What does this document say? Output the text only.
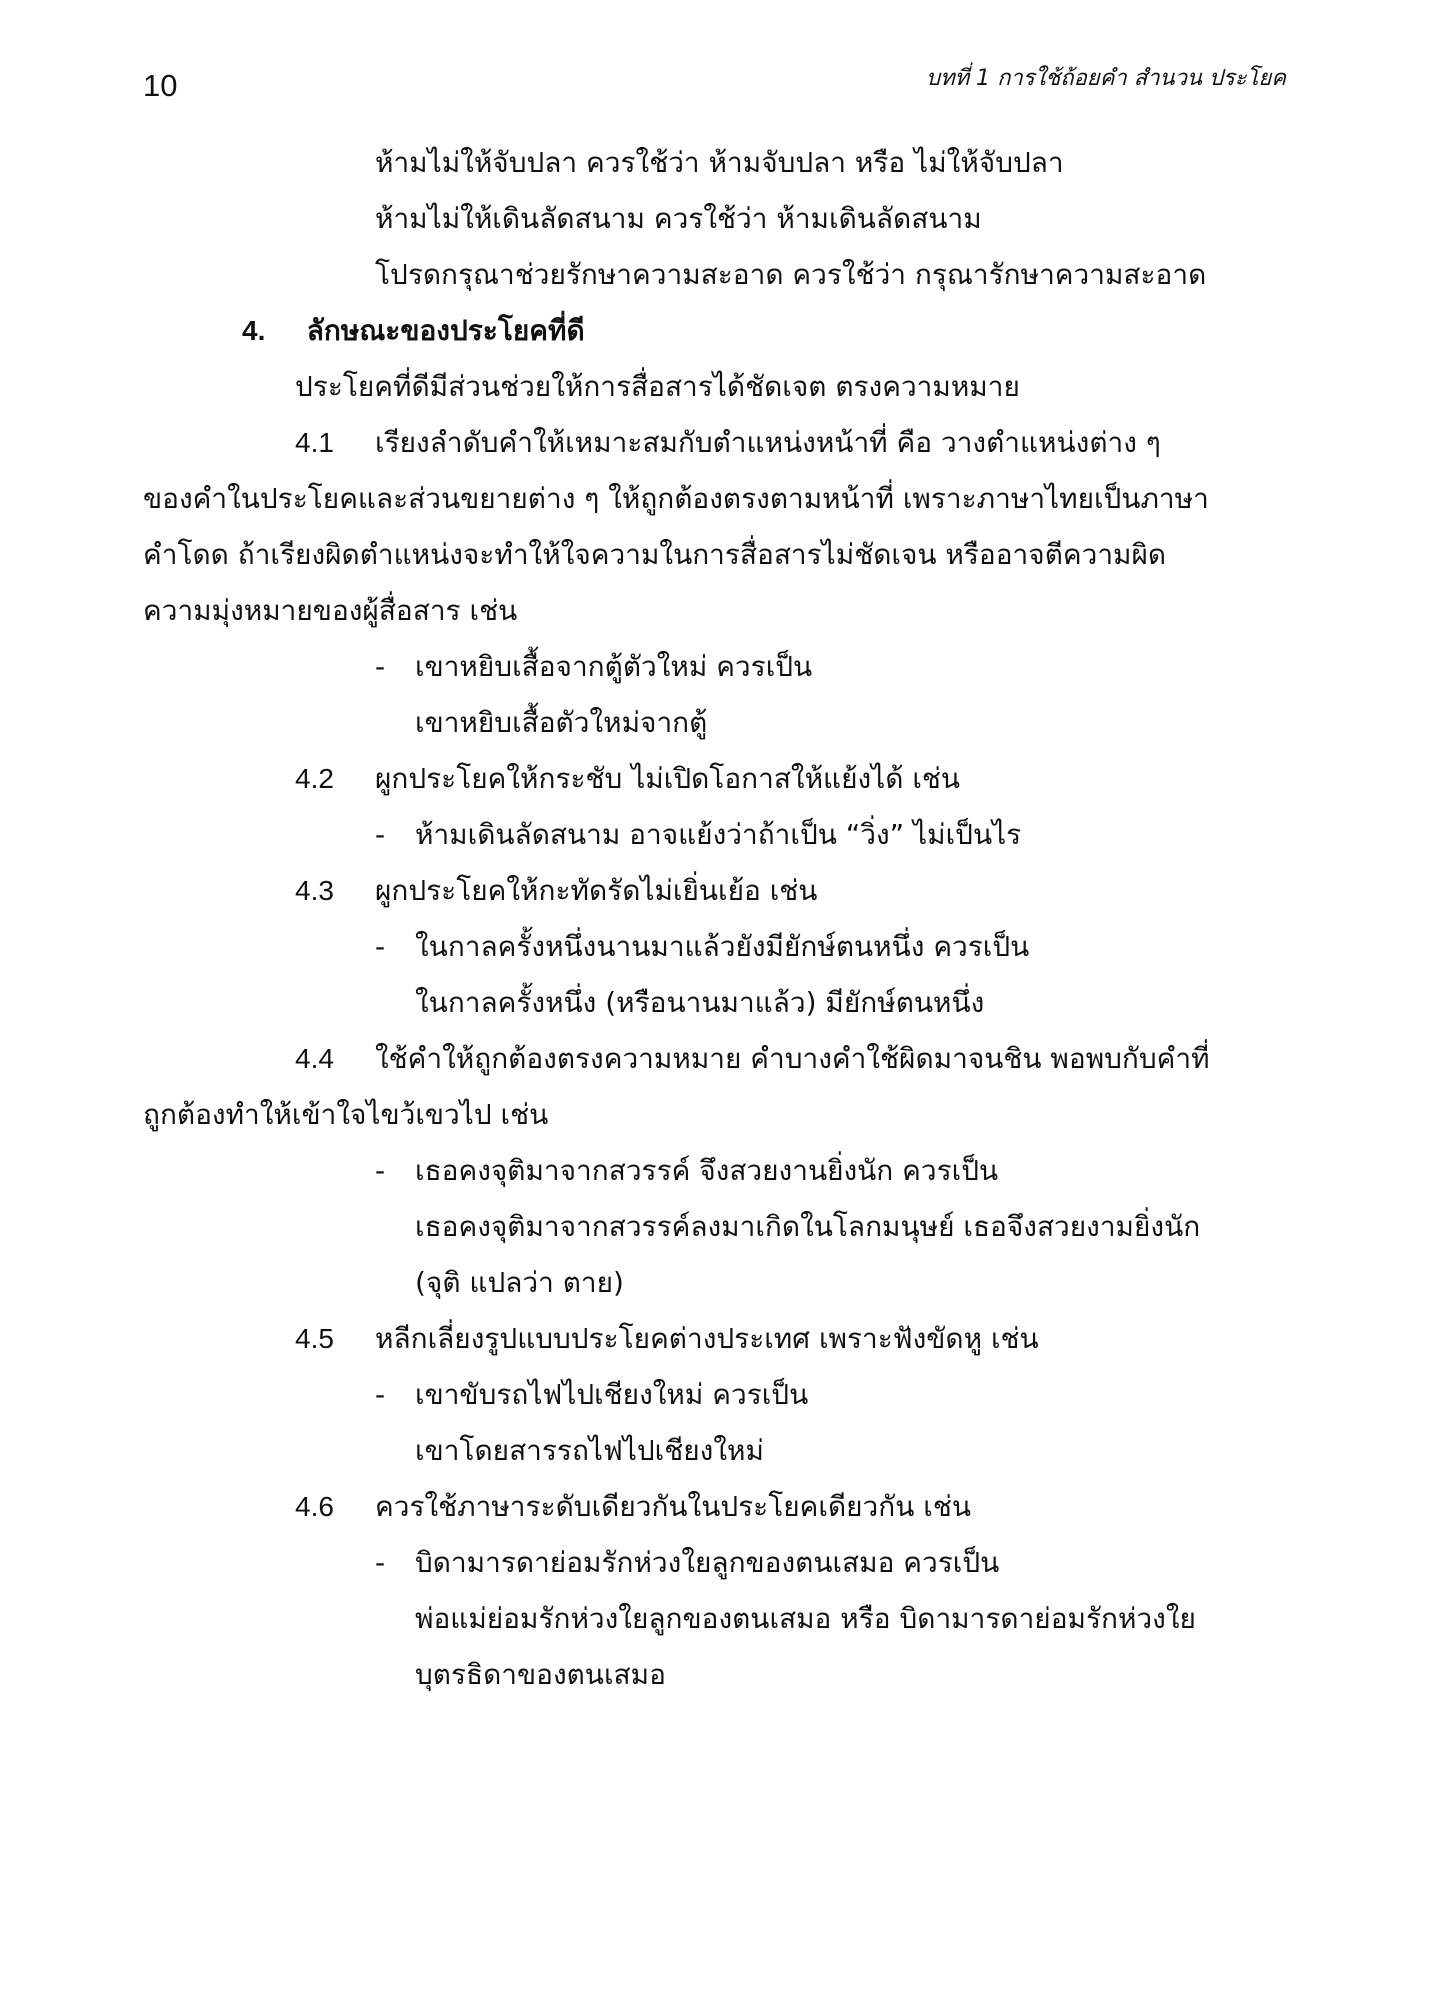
10	บทที่ 1 การใช้ถ้อยคำ สำนวน ประโยค
ห้ามไม่ให้จับปลา ควรใช้ว่า ห้ามจับปลา หรือ ไม่ให้จับปลา
ห้ามไม่ให้เดินลัดสนาม ควรใช้ว่า ห้ามเดินลัดสนาม
โปรดกรุณาช่วยรักษาความสะอาด ควรใช้ว่า กรุณารักษาความสะอาด
4. ลักษณะของประโยคที่ดี
ประโยคที่ดีมีส่วนช่วยให้การสื่อสารได้ชัดเจต ตรงความหมาย
4.1 เรียงลำดับคำให้เหมาะสมกับตำแหน่งหน้าที่ คือ วางตำแหน่งต่าง ๆ
ของคำในประโยคและส่วนขยายต่าง ๆ ให้ถูกต้องตรงตามหน้าที่ เพราะภาษาไทยเป็นภาษา
คำโดด ถ้าเรียงผิดตำแหน่งจะทำให้ใจความในการสื่อสารไม่ชัดเจน หรืออาจตีความผิด
ความมุ่งหมายของผู้สื่อสาร เช่น
- เขาหยิบเสื้อจากตู้ตัวใหม่ ควรเป็น
เขาหยิบเสื้อตัวใหม่จากตู้
4.2 ผูกประโยคให้กระชับ ไม่เปิดโอกาสให้แย้งได้ เช่น
- ห้ามเดินลัดสนาม อาจแย้งว่าถ้าเป็น “วิ่ง” ไม่เป็นไร
4.3 ผูกประโยคให้กะทัดรัดไม่เยิ่นเย้อ เช่น
- ในกาลครั้งหนึ่งนานมาแล้วยังมียักษ์ตนหนึ่ง ควรเป็น
ในกาลครั้งหนึ่ง (หรือนานมาแล้ว) มียักษ์ตนหนึ่ง
4.4 ใช้คำให้ถูกต้องตรงความหมาย คำบางคำใช้ผิดมาจนชิน พอพบกับคำที่
ถูกต้องทำให้เข้าใจไขว้เขวไป เช่น
- เธอคงจุติมาจากสวรรค์ จึงสวยงานยิ่งนัก ควรเป็น
เธอคงจุติมาจากสวรรค์ลงมาเกิดในโลกมนุษย์ เธอจึงสวยงามยิ่งนัก
(จุติ แปลว่า ตาย)
4.5 หลีกเลี่ยงรูปแบบประโยคต่างประเทศ เพราะฟังขัดหู เช่น
- เขาขับรถไฟไปเชียงใหม่ ควรเป็น
เขาโดยสารรถไฟไปเชียงใหม่
4.6 ควรใช้ภาษาระดับเดียวกันในประโยคเดียวกัน เช่น
- บิดามารดาย่อมรักห่วงใยลูกของตนเสมอ ควรเป็น
พ่อแม่ย่อมรักห่วงใยลูกของตนเสมอ หรือ บิดามารดาย่อมรักห่วงใย
บุตรธิดาของตนเสมอ
